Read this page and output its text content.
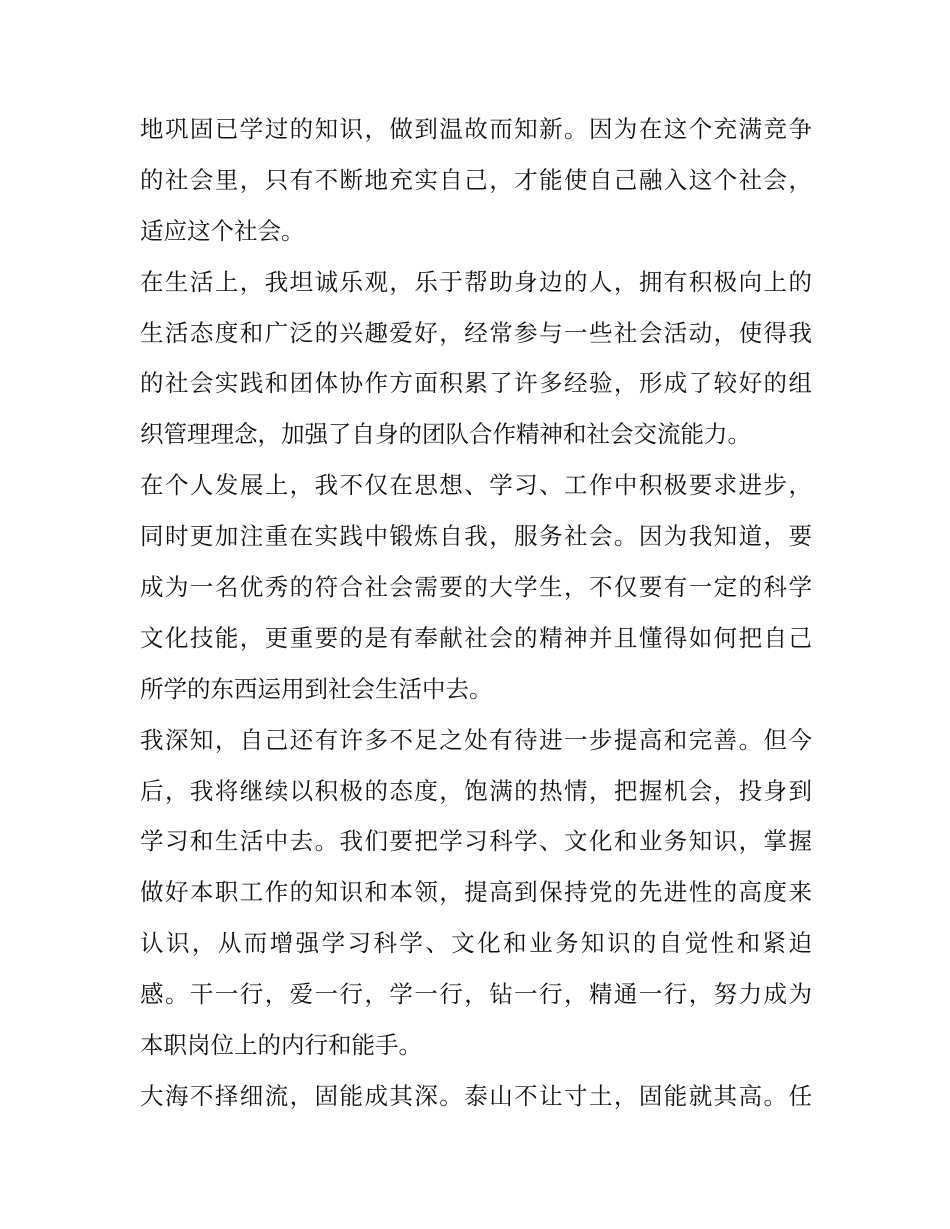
地巩固已学过的知识，做到温故而知新。因为在这个充满竞争
的社会里，只有不断地充实自己，才能使自己融入这个社会，
适应这个社会。
在生活上，我坦诚乐观，乐于帮助身边的人，拥有积极向上的
生活态度和广泛的兴趣爱好，经常参与一些社会活动，使得我
的社会实践和团体协作方面积累了许多经验，形成了较好的组
织管理理念，加强了自身的团队合作精神和社会交流能力。
在个人发展上，我不仅在思想、学习、工作中积极要求进步，
同时更加注重在实践中锻炼自我，服务社会。因为我知道，要
成为一名优秀的符合社会需要的大学生，不仅要有一定的科学
文化技能，更重要的是有奉献社会的精神并且懂得如何把自己
所学的东西运用到社会生活中去。
我深知，自己还有许多不足之处有待进一步提高和完善。但今
后，我将继续以积极的态度，饱满的热情，把握机会，投身到
学习和生活中去。我们要把学习科学、文化和业务知识，掌握
做好本职工作的知识和本领，提高到保持党的先进性的高度来
认识，从而增强学习科学、文化和业务知识的自觉性和紧迫
感。干一行，爱一行，学一行，钻一行，精通一行，努力成为
本职岗位上的内行和能手。
大海不择细流，固能成其深。泰山不让寸土，固能就其高。任
